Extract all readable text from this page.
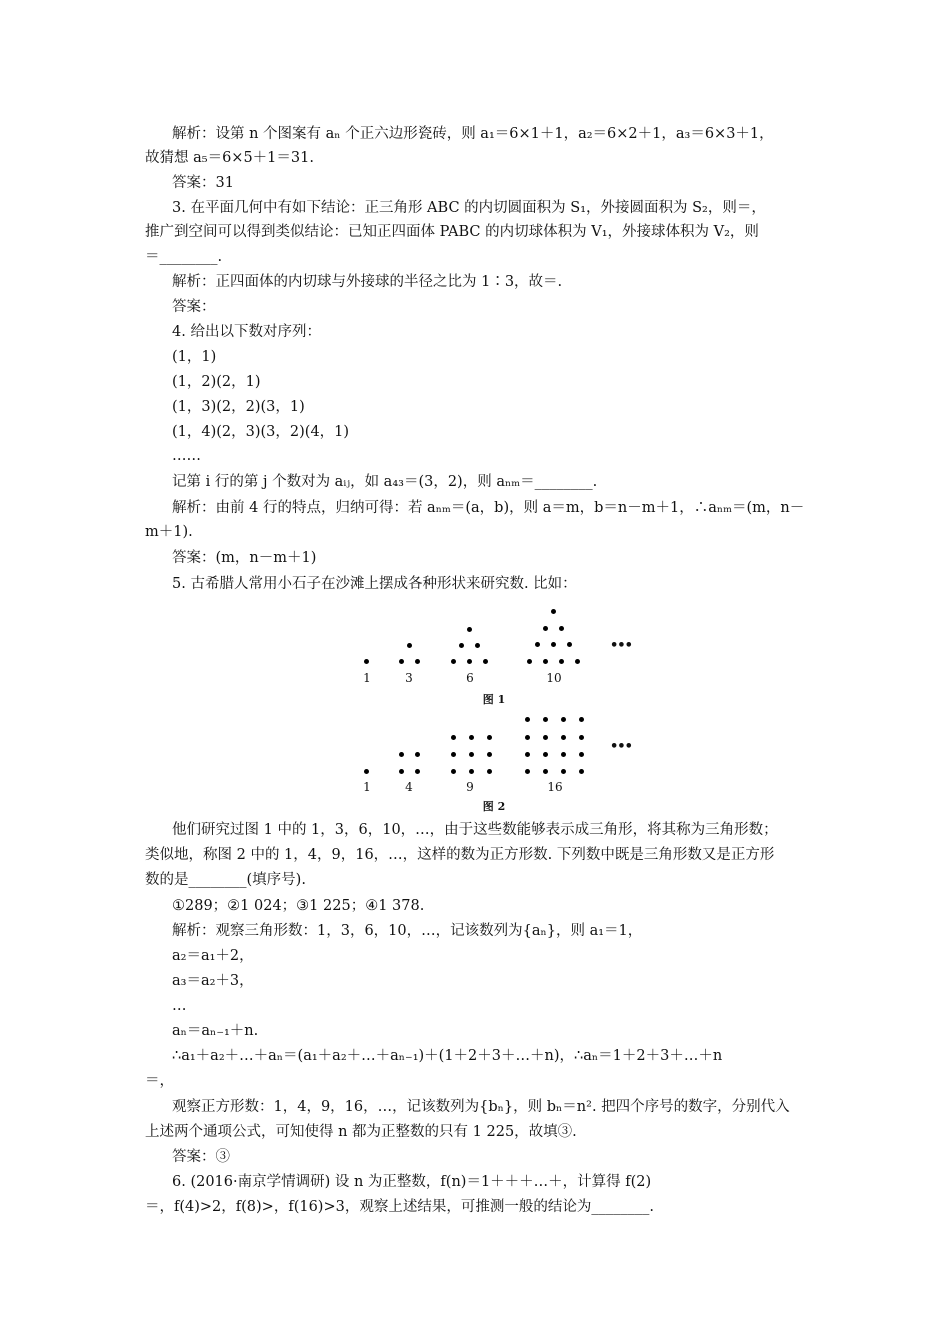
解析：设第 n 个图案有 aₙ 个正六边形瓷砖，则 a₁＝6×1＋1，a₂＝6×2＋1，a₃＝6×3＋1，
故猜想 a₅＝6×5＋1＝31.
答案：31
3. 在平面几何中有如下结论：正三角形 ABC 的内切圆面积为 S₁，外接圆面积为 S₂，则＝，
推广到空间可以得到类似结论：已知正四面体 PABC 的内切球体积为 V₁，外接球体积为 V₂，则
＝________.
解析：正四面体的内切球与外接球的半径之比为 1∶3，故＝.
答案：
4. 给出以下数对序列：
(1，1)
(1，2)(2，1)
(1，3)(2，2)(3，1)
(1，4)(2，3)(3，2)(4，1)
……
记第 i 行的第 j 个数对为 aᵢⱼ，如 a₄₃＝(3，2)，则 aₙₘ＝________.
解析：由前 4 行的特点，归纳可得：若 aₙₘ＝(a，b)，则 a＝m，b＝n－m＋1，∴aₙₘ＝(m，n－
m＋1).
答案：(m，n－m＋1)
5. 古希腊人常用小石子在沙滩上摆成各种形状来研究数. 比如：
•••
1	3	6	10
图 1
•••
1	4	9	16
图 2
他们研究过图 1 中的 1，3，6，10，…，由于这些数能够表示成三角形，将其称为三角形数；
类似地，称图 2 中的 1，4，9，16，…，这样的数为正方形数. 下列数中既是三角形数又是正方形
数的是________(填序号).
①289；②1 024；③1 225；④1 378.
解析：观察三角形数：1，3，6，10，…，记该数列为{aₙ}，则 a₁＝1，
a₂＝a₁＋2，
a₃＝a₂＋3，
…
aₙ＝aₙ₋₁＋n.
∴a₁＋a₂＋…＋aₙ＝(a₁＋a₂＋…＋aₙ₋₁)＋(1＋2＋3＋…＋n)，∴aₙ＝1＋2＋3＋…＋n
＝，
观察正方形数：1，4，9，16，…，记该数列为{bₙ}，则 bₙ＝n². 把四个序号的数字，分别代入
上述两个通项公式，可知使得 n 都为正整数的只有 1 225，故填③.
答案：③
6. (2016·南京学情调研) 设 n 为正整数，f(n)＝1＋＋＋…＋，计算得 f(2)
＝，f(4)>2，f(8)>，f(16)>3，观察上述结果，可推测一般的结论为________.
